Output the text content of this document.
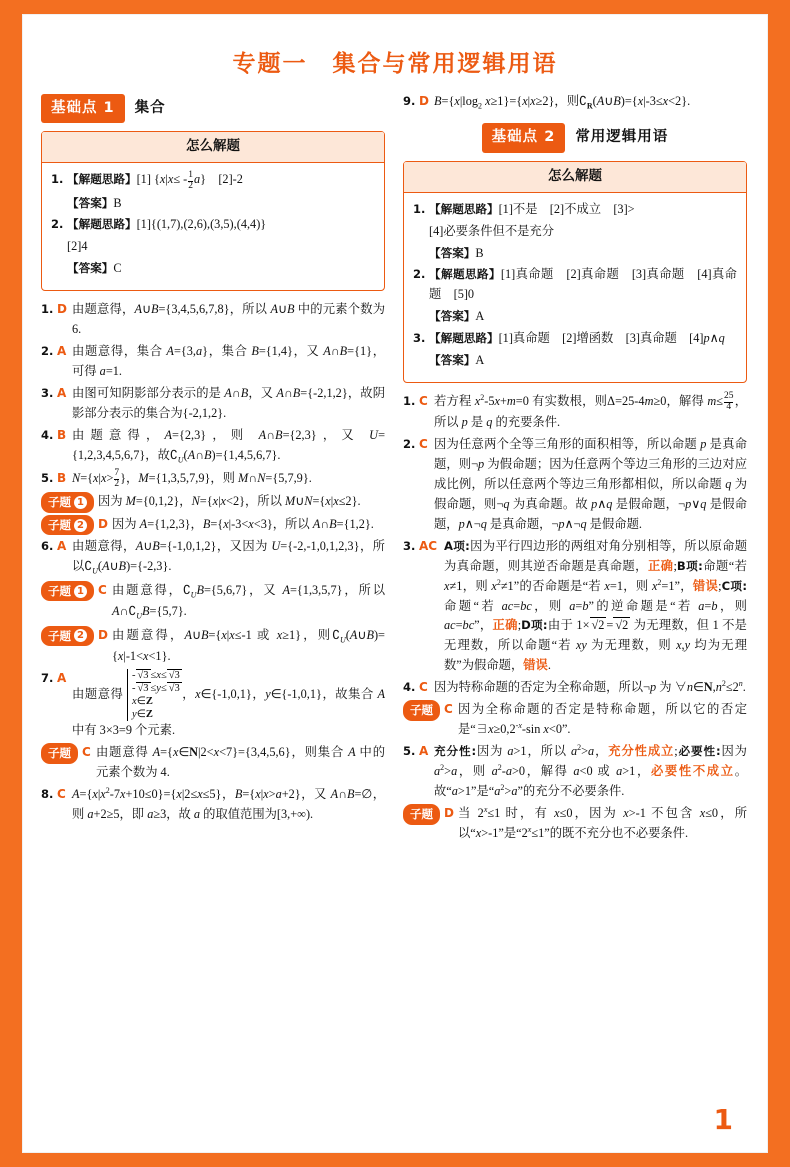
专题一　集合与常用逻辑用语
基础点 1	集合
怎么解题
1. 【解题思路】[1] $\{x|x\le -\frac{1}{2} a\}$　[2]-2
【答案】B
2. 【解题思路】[1]{(1,7),(2,6),(3,5),(4,4)}
[2]4
【答案】C
1. D 由题意得，A∪B={3,4,5,6,7,8}，所以 A∪B 中的元素个数为 6.
2. A 由题意得，集合 A={3,a}，集合 B={1,4}，又 A∩B={1}，可得 a=1.
3. A 由图可知阴影部分表示的是 A∩B，又 A∩B={-2,1,2}，故阴影部分表示的集合为{-2,1,2}.
4. B 由题意得，A={2,3}，则 A∩B={2,3}，又 U={1,2,3,4,5,6,7}，故$∁_U(A\cap B)=\{1,4,5,6,7\}$.
5. B $N=\{x|x>\frac{7}{2}$ }，M={1,3,5,7,9}，则 M∩N={5,7,9}.
子题 1 因为 M={0,1,2}，N={x|x<2}，所以 M∪N={x|x≤2}.
子题 2 D 因为 A={1,2,3}，B={x|-3<x<3}，所以 A∩B={1,2}.
6. A 由题意得，A∪B={-1,0,1,2}，又因为 U={-2,-1,0,1,2,3}，所以$∁_U(A\cup B)=\{-2,3\}$.
子题 1 C 由题意得，$∁_UB=\{5,6,7\}$，又 A={1,3,5,7}，所以 $A\cap∁_UB=\{5,7\}$.
子题 2 D 由题意得，A∪B={x|x≤-1 或 x≥1}，则$∁_U(A\cup B)=\{x|-1<x<1\}$.
7. A
由题意得 - √3 ≤x≤ √3
- √3 ≤y≤ √3
x∈Z
y∈Z，x∈{-1,0,1}，y∈{-1,0,1}，故集合 A 中有 3×3=9 个元素.
子题 C 由题意得 A={x∈N|2<x<7}={3,4,5,6}，则集合 A 中的元素个数为 4.
8. C $A=\{x|x^2-7x+10\le 0\}=\{x|2\le x\le 5\}$，B={x|x>a+2}，又 A∩B=∅，则 a+2≥5，即 a≥3，故 a 的取值范围为[3,+∞).
9. D $B=\{x|\log_2$ x≥1}={x|x≥2}，则$∁_R(A\cup B)=\{x|-3\le x<2\}$.
基础点 2	常用逻辑用语
怎么解题
1. 【解题思路】[1]不是　[2]不成立　[3]>
[4]必要条件但不是充分
【答案】B
2. 【解题思路】[1]真命题　[2]真命题　[3]真命题　[4]真命题　[5]0
【答案】A
3. 【解题思路】[1]真命题　[2]增函数　[3]真命题　[4]p∧q
【答案】A
1. C 若方程 $x^2-5x+m=0$ 有实数根，则Δ=25-4m≥0，解得 $m\le\frac{25}{4}$ ，所以 p 是 q 的充要条件.
2. C 因为任意两个全等三角形的面积相等，所以命题 p 是真命题，则¬p 为假命题；因为任意两个等边三角形的三边对应成比例，所以任意两个等边三角形都相似，所以命题 q 为假命题，则¬q 为真命题。故 p∧q 是假命题，¬p∨q 是假命题，p∧¬q 是真命题，¬p∧¬q 是假命题.
3. AC A项:因为平行四边形的两组对角分别相等，所以原命题为真命题，则其逆否命题是真命题，正确;B项:命题“若 x≠1，则 $x^2\ne 1$”的否命题是“若 x=1，则 $x^2=1$”，错误;C项:命题“若 ac=bc，则 a=b”的逆命题是“若 a=b，则 ac=bc”，正确;D项:由于 1× √2 = √2 为无理数，但 1 不是无理数，所以命题“若 xy 为无理数，则 x,y 均为无理数”为假命题，错误.
4. C 因为特称命题的否定为全称命题，所以¬p 为 $\forall n\in N,n^2\le 2^n$.
子题 C 因为全称命题的否定是特称命题，所以它的否定是“$\exists x\ge 0,2^{-x}-\sin$ x<0”.
5. A 充分性:因为 a>1，所以 $a^2>a$，充分性成立;必要性:因为 $a^2>a$，则 $a^2-a>0$，解得 a<0 或 a>1，必要性不成立。故“a>1”是“$a^2>a$”的充分不必要条件.
子题 D 当 $2^x\le 1$ 时，有 x≤0，因为 x>-1 不包含 x≤0，所以“x>-1”是“$2^x\le 1$”的既不充分也不必要条件.
1
